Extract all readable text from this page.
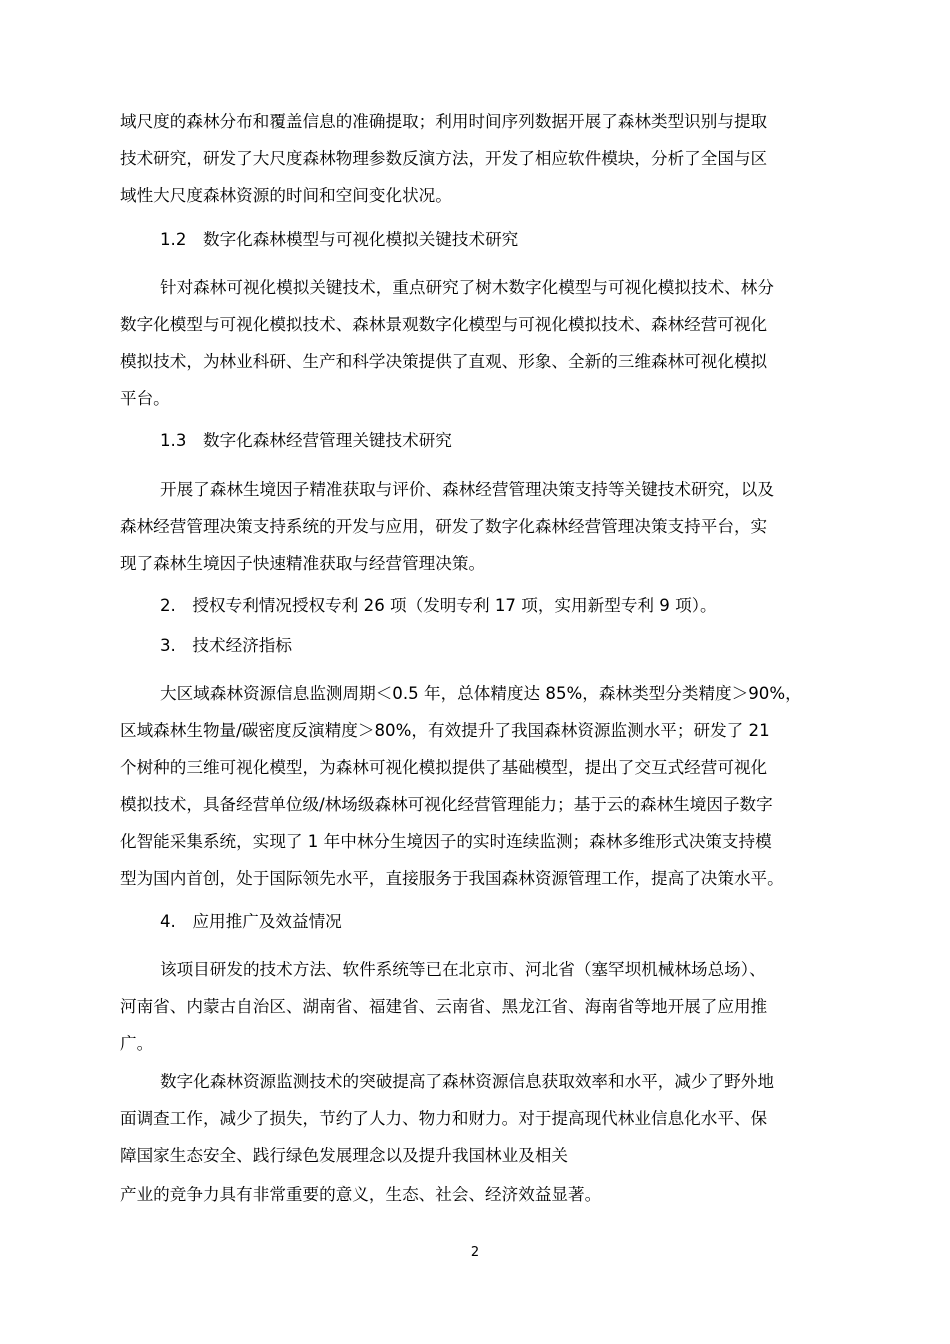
域尺度的森林分布和覆盖信息的准确提取；利用时间序列数据开展了森林类型识别与提取

技术研究，研发了大尺度森林物理参数反演方法，开发了相应软件模块，分析了全国与区

域性大尺度森林资源的时间和空间变化状况。

1.2　数字化森林模型与可视化模拟关键技术研究

针对森林可视化模拟关键技术，重点研究了树木数字化模型与可视化模拟技术、林分

数字化模型与可视化模拟技术、森林景观数字化模型与可视化模拟技术、森林经营可视化

模拟技术，为林业科研、生产和科学决策提供了直观、形象、全新的三维森林可视化模拟

平台。

1.3　数字化森林经营管理关键技术研究

开展了森林生境因子精准获取与评价、森林经营管理决策支持等关键技术研究，以及

森林经营管理决策支持系统的开发与应用，研发了数字化森林经营管理决策支持平台，实

现了森林生境因子快速精准获取与经营管理决策。

2.　授权专利情况授权专利 26 项（发明专利 17 项，实用新型专利 9 项）。

3.　技术经济指标

大区域森林资源信息监测周期＜0.5 年，总体精度达 85%，森林类型分类精度＞90%，

区域森林生物量/碳密度反演精度＞80%，有效提升了我国森林资源监测水平；研发了 21

个树种的三维可视化模型，为森林可视化模拟提供了基础模型，提出了交互式经营可视化

模拟技术，具备经营单位级/林场级森林可视化经营管理能力；基于云的森林生境因子数字

化智能采集系统，实现了 1 年中林分生境因子的实时连续监测；森林多维形式决策支持模

型为国内首创，处于国际领先水平，直接服务于我国森林资源管理工作，提高了决策水平。

4.　应用推广及效益情况

该项目研发的技术方法、软件系统等已在北京市、河北省（塞罕坝机械林场总场）、

河南省、内蒙古自治区、湖南省、福建省、云南省、黑龙江省、海南省等地开展了应用推

广。

数字化森林资源监测技术的突破提高了森林资源信息获取效率和水平，减少了野外地

面调查工作，减少了损失，节约了人力、物力和财力。对于提高现代林业信息化水平、保

障国家生态安全、践行绿色发展理念以及提升我国林业及相关

产业的竞争力具有非常重要的意义，生态、社会、经济效益显著。

2
